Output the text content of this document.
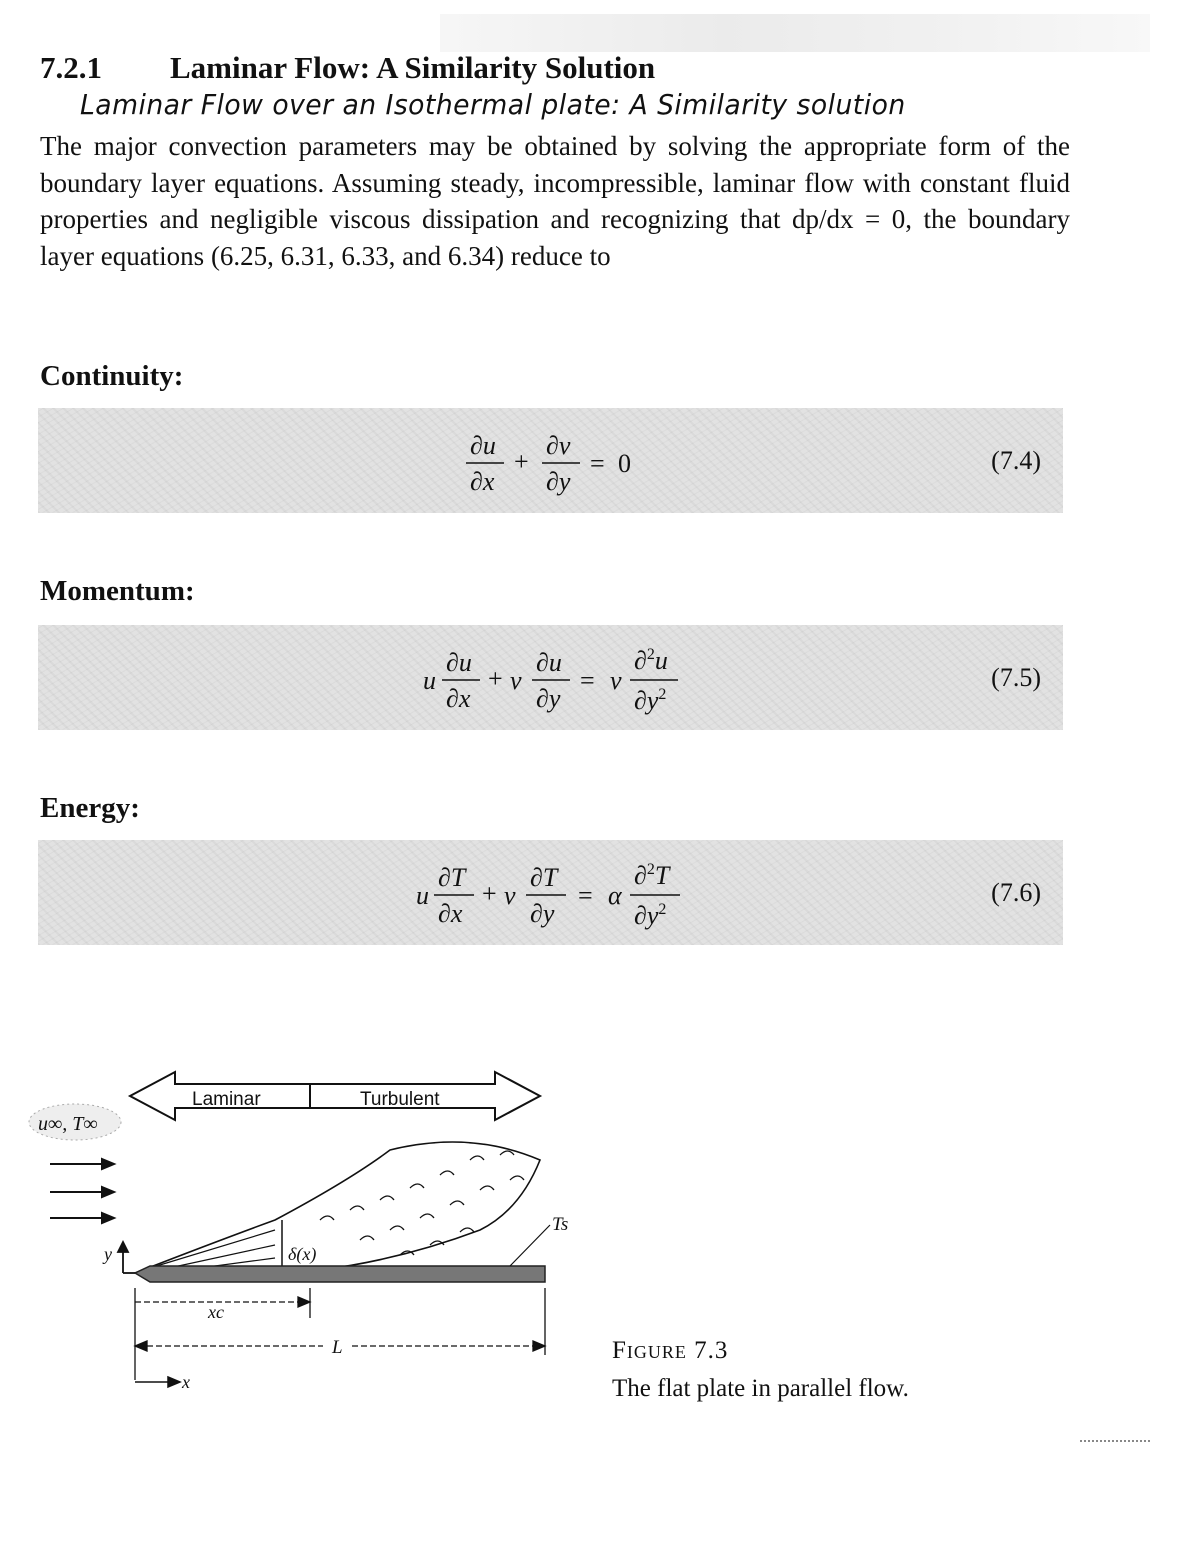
7.2.1 Laminar Flow: A Similarity Solution
Laminar Flow over an Isothermal plate: A Similarity solution

The major convection parameters may be obtained by solving the appropriate form of the boundary layer equations. Assuming steady, incompressible, laminar flow with constant fluid properties and negligible viscous dissipation and recognizing that dp/dx = 0, the boundary layer equations (6.25, 6.31, 6.33, and 6.34) reduce to

Continuity:
∂u
∂x
+
∂v
∂y
= 0	(7.4)
Momentum:
u
∂u
∂x
+ v
∂u
∂y
= ν
∂$^2$u
$\partial y^2$
(7.5)
Energy:
u
∂T
∂x
+ v
∂T
∂y
= α
∂$^2$T
$\partial y^2$
(7.6)
Laminar	Turbulent
u∞, T∞
δ(x)
Ts
y
xc
L
x
Figure 7.3
The flat plate in parallel flow.
